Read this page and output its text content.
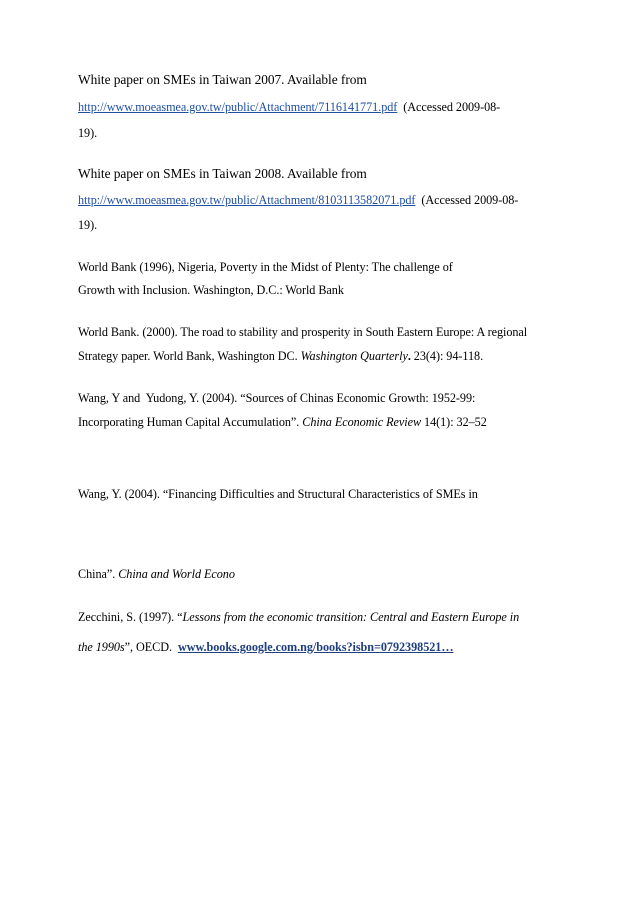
White paper on SMEs in Taiwan 2007. Available from
http://www.moeasmea.gov.tw/public/Attachment/7116141771.pdf  (Accessed 2009-08-
19).
White paper on SMEs in Taiwan 2008. Available from
http://www.moeasmea.gov.tw/public/Attachment/8103113582071.pdf  (Accessed 2009-08-
19).
World Bank (1996), Nigeria, Poverty in the Midst of Plenty: The challenge of
Growth with Inclusion. Washington, D.C.: World Bank
World Bank. (2000). The road to stability and prosperity in South Eastern Europe: A regional
Strategy paper. World Bank, Washington DC. Washington Quarterly. 23(4): 94-118.
Wang, Y and  Yudong, Y. (2004). “Sources of Chinas Economic Growth: 1952-99:
Incorporating Human Capital Accumulation”. China Economic Review 14(1): 32–52
Wang, Y. (2004). “Financing Difficulties and Structural Characteristics of SMEs in
China”. China and World Econo
Zecchini, S. (1997). “Lessons from the economic transition: Central and Eastern Europe in
the 1990s”, OECD.  www.books.google.com.ng/books?isbn=0792398521…
